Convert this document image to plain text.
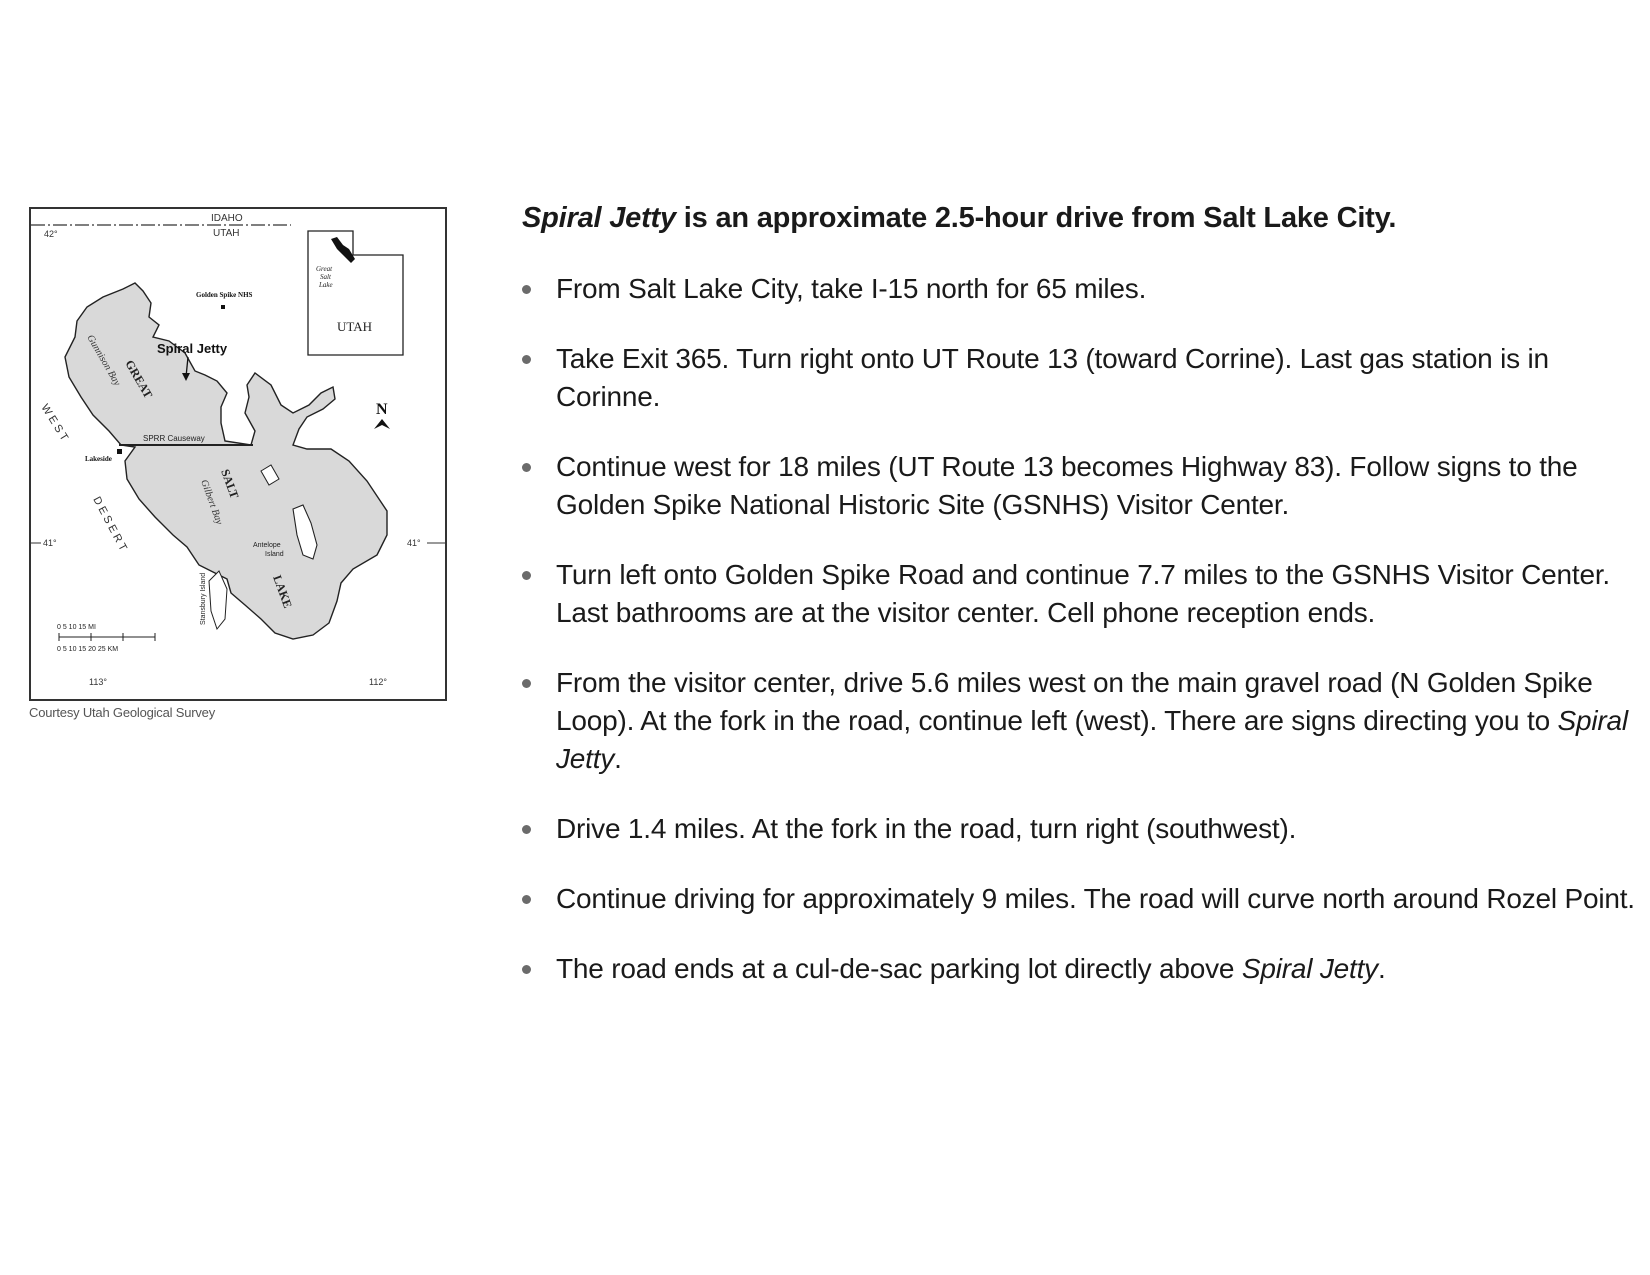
IDAHO
UTAH
42°
SPRR Causeway
Lakeside
Golden Spike NHS
Spiral Jetty
GREAT
Gunnison Bay
SALT
Gilbert Bay
LAKE
Antelope
Island
Stansbury Island
W E S T
D E S E R T
41°	41°
113°	112°
N
Great
Salt
Lake
UTAH
0 5 10 15 MI
0 5 10 15 20 25 KM
Courtesy Utah Geological Survey

Spiral Jetty is an approximate 2.5-hour drive from Salt Lake City.

From Salt Lake City, take I-15 north for 65 miles.
Take Exit 365. Turn right onto UT Route 13 (toward Corrine). Last gas station is in Corinne.
Continue west for 18 miles (UT Route 13 becomes Highway 83). Follow signs to the Golden Spike National Historic Site (GSNHS) Visitor Center.
Turn left onto Golden Spike Road and continue 7.7 miles to the GSNHS Visitor Center. Last bathrooms are at the visitor center. Cell phone reception ends.
From the visitor center, drive 5.6 miles west on the main gravel road (N Golden Spike Loop). At the fork in the road, continue left (west). There are signs directing you to Spiral Jetty.
Drive 1.4 miles. At the fork in the road, turn right (southwest).
Continue driving for approximately 9 miles. The road will curve north around Rozel Point.
The road ends at a cul-de-sac parking lot directly above Spiral Jetty.
